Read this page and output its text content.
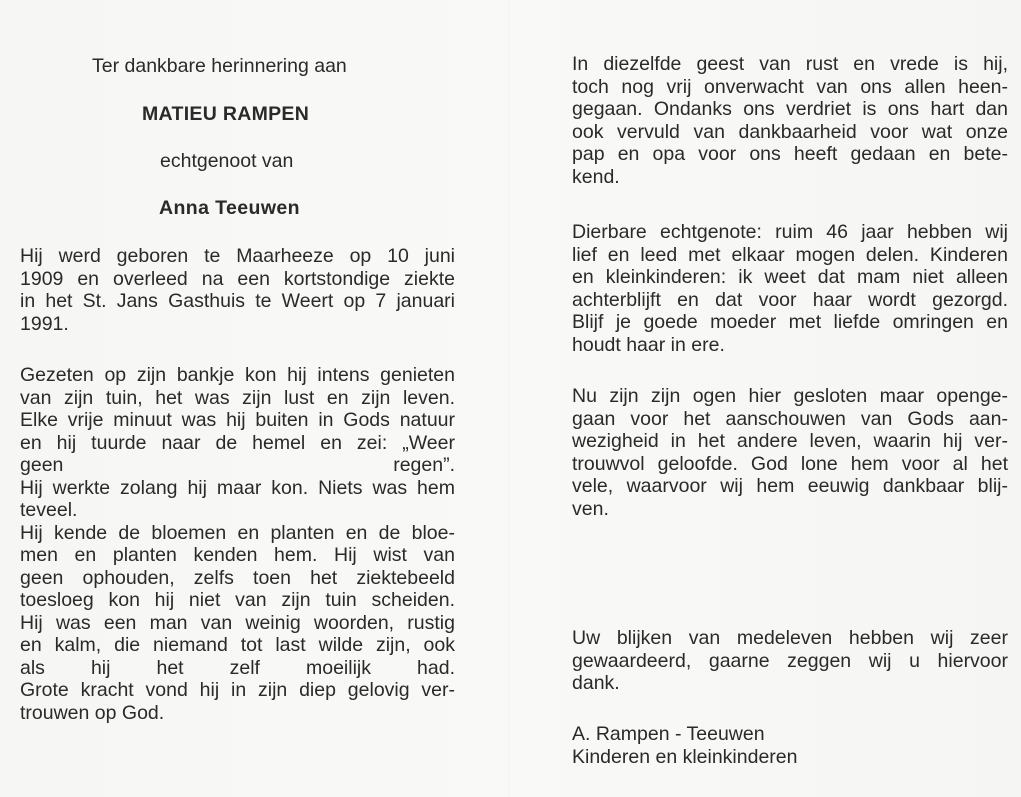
Ter dankbare herinnering aan
MATIEU RAMPEN
echtgenoot van
Anna Teeuwen
Hij werd geboren te Maarheeze op 10 juni
1909 en overleed na een kortstondige ziekte
in het St. Jans Gasthuis te Weert op 7 januari
1991.
Gezeten op zijn bankje kon hij intens genieten
van zijn tuin, het was zijn lust en zijn leven.
Elke vrije minuut was hij buiten in Gods natuur
en hij tuurde naar de hemel en zei: „Weer
geen regen”.
Hij werkte zolang hij maar kon. Niets was hem
teveel.
Hij kende de bloemen en planten en de bloe-
men en planten kenden hem. Hij wist van
geen ophouden, zelfs toen het ziektebeeld
toesloeg kon hij niet van zijn tuin scheiden.
Hij was een man van weinig woorden, rustig
en kalm, die niemand tot last wilde zijn, ook
als hij het zelf moeilijk had.
Grote kracht vond hij in zijn diep gelovig ver-
trouwen op God.
In diezelfde geest van rust en vrede is hij,
toch nog vrij onverwacht van ons allen heen-
gegaan. Ondanks ons verdriet is ons hart dan
ook vervuld van dankbaarheid voor wat onze
pap en opa voor ons heeft gedaan en bete-
kend.
Dierbare echtgenote: ruim 46 jaar hebben wij
lief en leed met elkaar mogen delen. Kinderen
en kleinkinderen: ik weet dat mam niet alleen
achterblijft en dat voor haar wordt gezorgd.
Blijf je goede moeder met liefde omringen en
houdt haar in ere.
Nu zijn zijn ogen hier gesloten maar openge-
gaan voor het aanschouwen van Gods aan-
wezigheid in het andere leven, waarin hij ver-
trouwvol geloofde. God lone hem voor al het
vele, waarvoor wij hem eeuwig dankbaar blij-
ven.
Uw blijken van medeleven hebben wij zeer
gewaardeerd, gaarne zeggen wij u hiervoor
dank.
A. Rampen - Teeuwen
Kinderen en kleinkinderen
